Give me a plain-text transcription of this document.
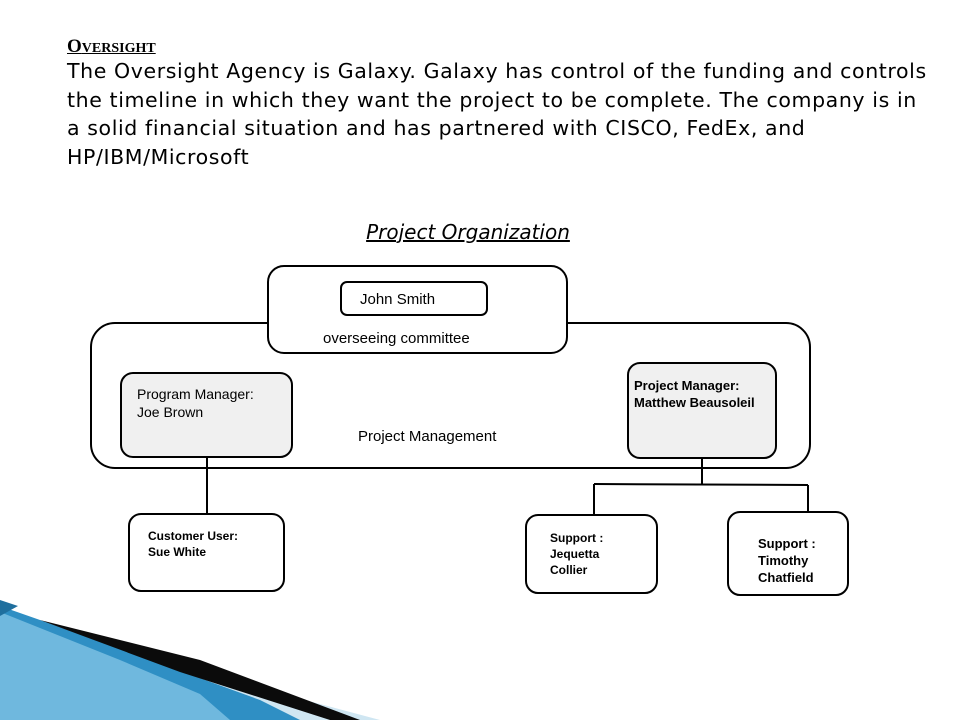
OVERSIGHT
The Oversight Agency is Galaxy. Galaxy has control of the funding and controls the timeline in which they want the project to be complete. The company is in a solid financial situation and has partnered with CISCO, FedEx, and HP/IBM/Microsoft
Project Organization
John Smith
overseeing committee
Program Manager:
Joe Brown
Project Management
Project Manager:
Matthew Beausoleil
Customer User:
Sue White
Support :
Jequetta
Collier
Support :
Timothy
Chatfield
